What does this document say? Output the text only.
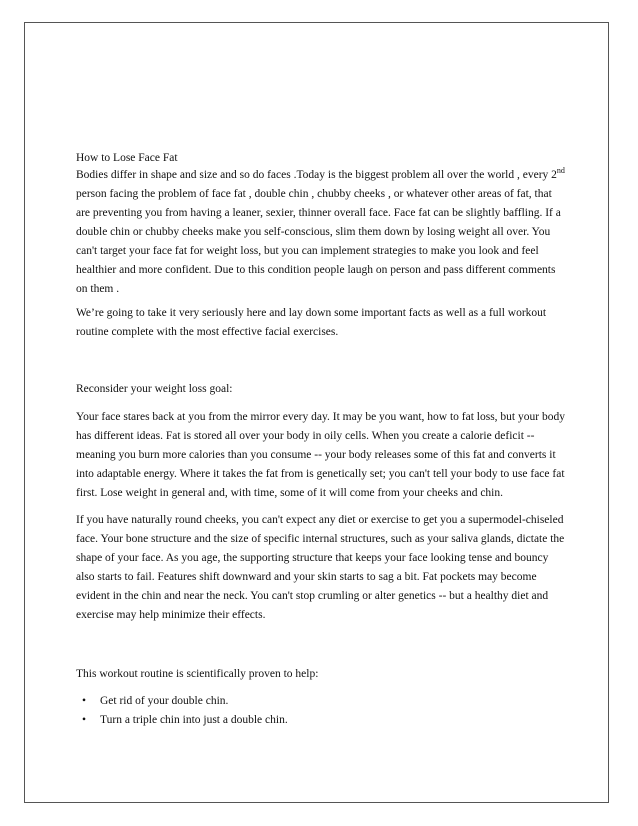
How to Lose Face Fat

Bodies differ in shape and size and so do faces .Today is the biggest problem all over the world , every 2nd person facing the problem of face fat , double chin , chubby cheeks , or whatever other areas of fat, that are preventing you from having a leaner, sexier, thinner overall face. Face fat can be slightly baffling. If a double chin or chubby cheeks make you self-conscious, slim them down by losing weight all over. You can't target your face fat for weight loss, but you can implement strategies to make you look and feel healthier and more confident. Due to this condition people laugh on person and pass different comments on them .

We’re going to take it very seriously here and lay down some important facts as well as a full workout routine complete with the most effective facial exercises.

Reconsider your weight loss goal:

Your face stares back at you from the mirror every day. It may be you want, how to fat loss, but your body has different ideas. Fat is stored all over your body in oily cells. When you create a calorie deficit -- meaning you burn more calories than you consume -- your body releases some of this fat and converts it into adaptable energy. Where it takes the fat from is genetically set; you can't tell your body to use face fat first. Lose weight in general and, with time, some of it will come from your cheeks and chin.

If you have naturally round cheeks, you can't expect any diet or exercise to get you a supermodel-chiseled face. Your bone structure and the size of specific internal structures, such as your saliva glands, dictate the shape of your face. As you age, the supporting structure that keeps your face looking tense and bouncy also starts to fail. Features shift downward and your skin starts to sag a bit. Fat pockets may become evident in the chin and near the neck. You can't stop crumling or alter genetics -- but a healthy diet and exercise may help minimize their effects.

This workout routine is scientifically proven to help:

• Get rid of your double chin.
• Turn a triple chin into just a double chin.
